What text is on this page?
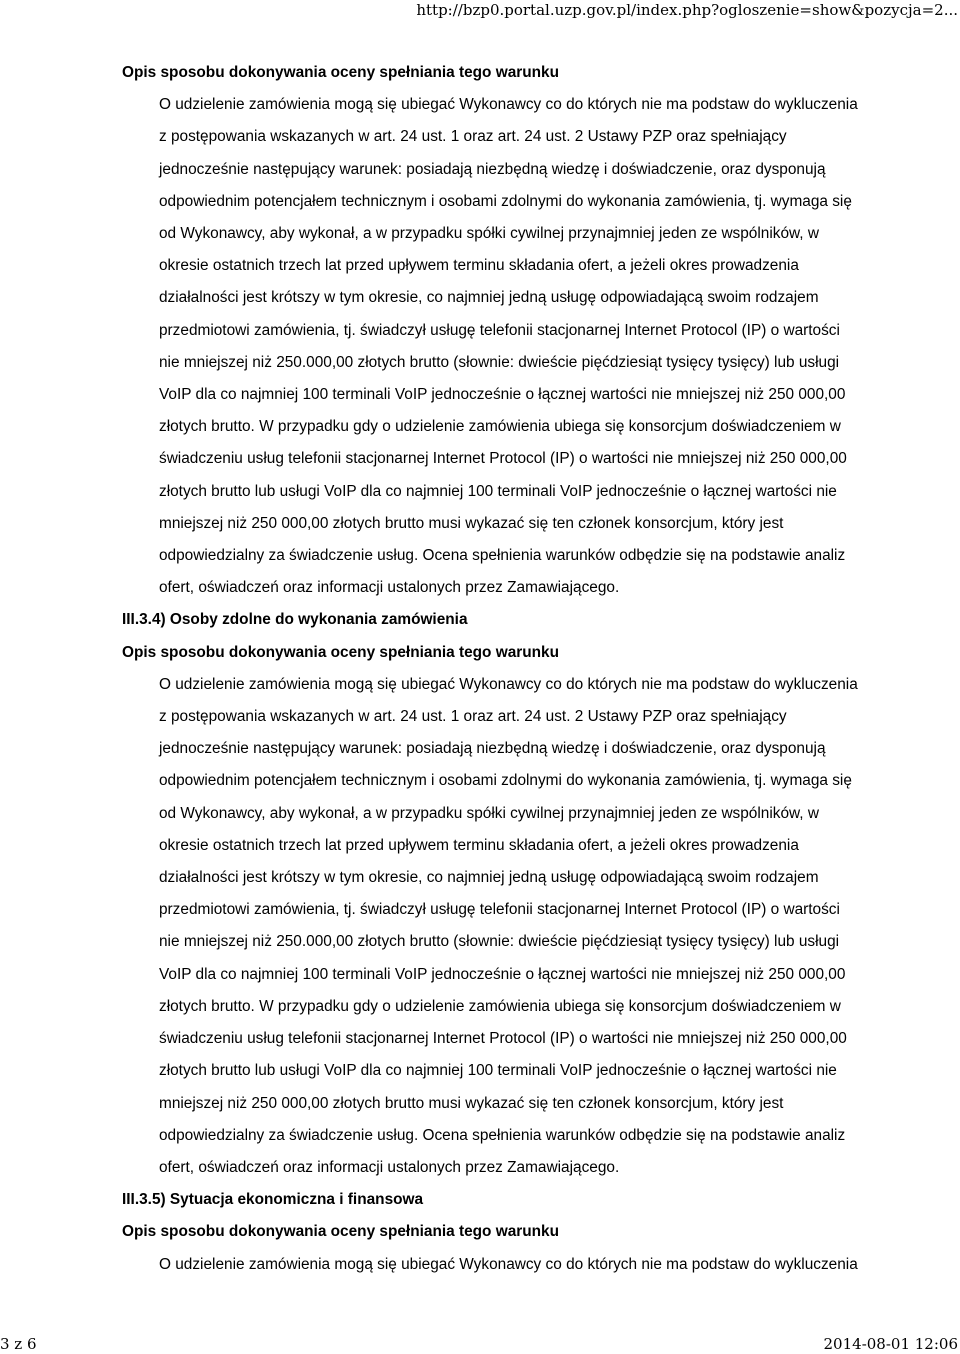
http://bzp0.portal.uzp.gov.pl/index.php?ogloszenie=show&pozycja=2...
Opis sposobu dokonywania oceny spełniania tego warunku
O udzielenie zamówienia mogą się ubiegać Wykonawcy co do których nie ma podstaw do wykluczenia
z postępowania wskazanych w art. 24 ust. 1 oraz art. 24 ust. 2 Ustawy PZP oraz spełniający
jednocześnie następujący warunek: posiadają niezbędną wiedzę i doświadczenie, oraz dysponują
odpowiednim potencjałem technicznym i osobami zdolnymi do wykonania zamówienia, tj. wymaga się
od Wykonawcy, aby wykonał, a w przypadku spółki cywilnej przynajmniej jeden ze wspólników, w
okresie ostatnich trzech lat przed upływem terminu składania ofert, a jeżeli okres prowadzenia
działalności jest krótszy w tym okresie, co najmniej jedną usługę odpowiadającą swoim rodzajem
przedmiotowi zamówienia, tj. świadczył usługę telefonii stacjonarnej Internet Protocol (IP) o wartości
nie mniejszej niż 250.000,00 złotych brutto (słownie: dwieście pięćdziesiąt tysięcy tysięcy) lub usługi
VoIP dla co najmniej 100 terminali VoIP jednocześnie o łącznej wartości nie mniejszej niż 250 000,00
złotych brutto. W przypadku gdy o udzielenie zamówienia ubiega się konsorcjum doświadczeniem w
świadczeniu usług telefonii stacjonarnej Internet Protocol (IP) o wartości nie mniejszej niż 250 000,00
złotych brutto lub usługi VoIP dla co najmniej 100 terminali VoIP jednocześnie o łącznej wartości nie
mniejszej niż 250 000,00 złotych brutto musi wykazać się ten członek konsorcjum, który jest
odpowiedzialny za świadczenie usług. Ocena spełnienia warunków odbędzie się na podstawie analiz
ofert, oświadczeń oraz informacji ustalonych przez Zamawiającego.
III.3.4) Osoby zdolne do wykonania zamówienia
Opis sposobu dokonywania oceny spełniania tego warunku
O udzielenie zamówienia mogą się ubiegać Wykonawcy co do których nie ma podstaw do wykluczenia
z postępowania wskazanych w art. 24 ust. 1 oraz art. 24 ust. 2 Ustawy PZP oraz spełniający
jednocześnie następujący warunek: posiadają niezbędną wiedzę i doświadczenie, oraz dysponują
odpowiednim potencjałem technicznym i osobami zdolnymi do wykonania zamówienia, tj. wymaga się
od Wykonawcy, aby wykonał, a w przypadku spółki cywilnej przynajmniej jeden ze wspólników, w
okresie ostatnich trzech lat przed upływem terminu składania ofert, a jeżeli okres prowadzenia
działalności jest krótszy w tym okresie, co najmniej jedną usługę odpowiadającą swoim rodzajem
przedmiotowi zamówienia, tj. świadczył usługę telefonii stacjonarnej Internet Protocol (IP) o wartości
nie mniejszej niż 250.000,00 złotych brutto (słownie: dwieście pięćdziesiąt tysięcy tysięcy) lub usługi
VoIP dla co najmniej 100 terminali VoIP jednocześnie o łącznej wartości nie mniejszej niż 250 000,00
złotych brutto. W przypadku gdy o udzielenie zamówienia ubiega się konsorcjum doświadczeniem w
świadczeniu usług telefonii stacjonarnej Internet Protocol (IP) o wartości nie mniejszej niż 250 000,00
złotych brutto lub usługi VoIP dla co najmniej 100 terminali VoIP jednocześnie o łącznej wartości nie
mniejszej niż 250 000,00 złotych brutto musi wykazać się ten członek konsorcjum, który jest
odpowiedzialny za świadczenie usług. Ocena spełnienia warunków odbędzie się na podstawie analiz
ofert, oświadczeń oraz informacji ustalonych przez Zamawiającego.
III.3.5) Sytuacja ekonomiczna i finansowa
Opis sposobu dokonywania oceny spełniania tego warunku
O udzielenie zamówienia mogą się ubiegać Wykonawcy co do których nie ma podstaw do wykluczenia
3 z 6	2014-08-01 12:06
